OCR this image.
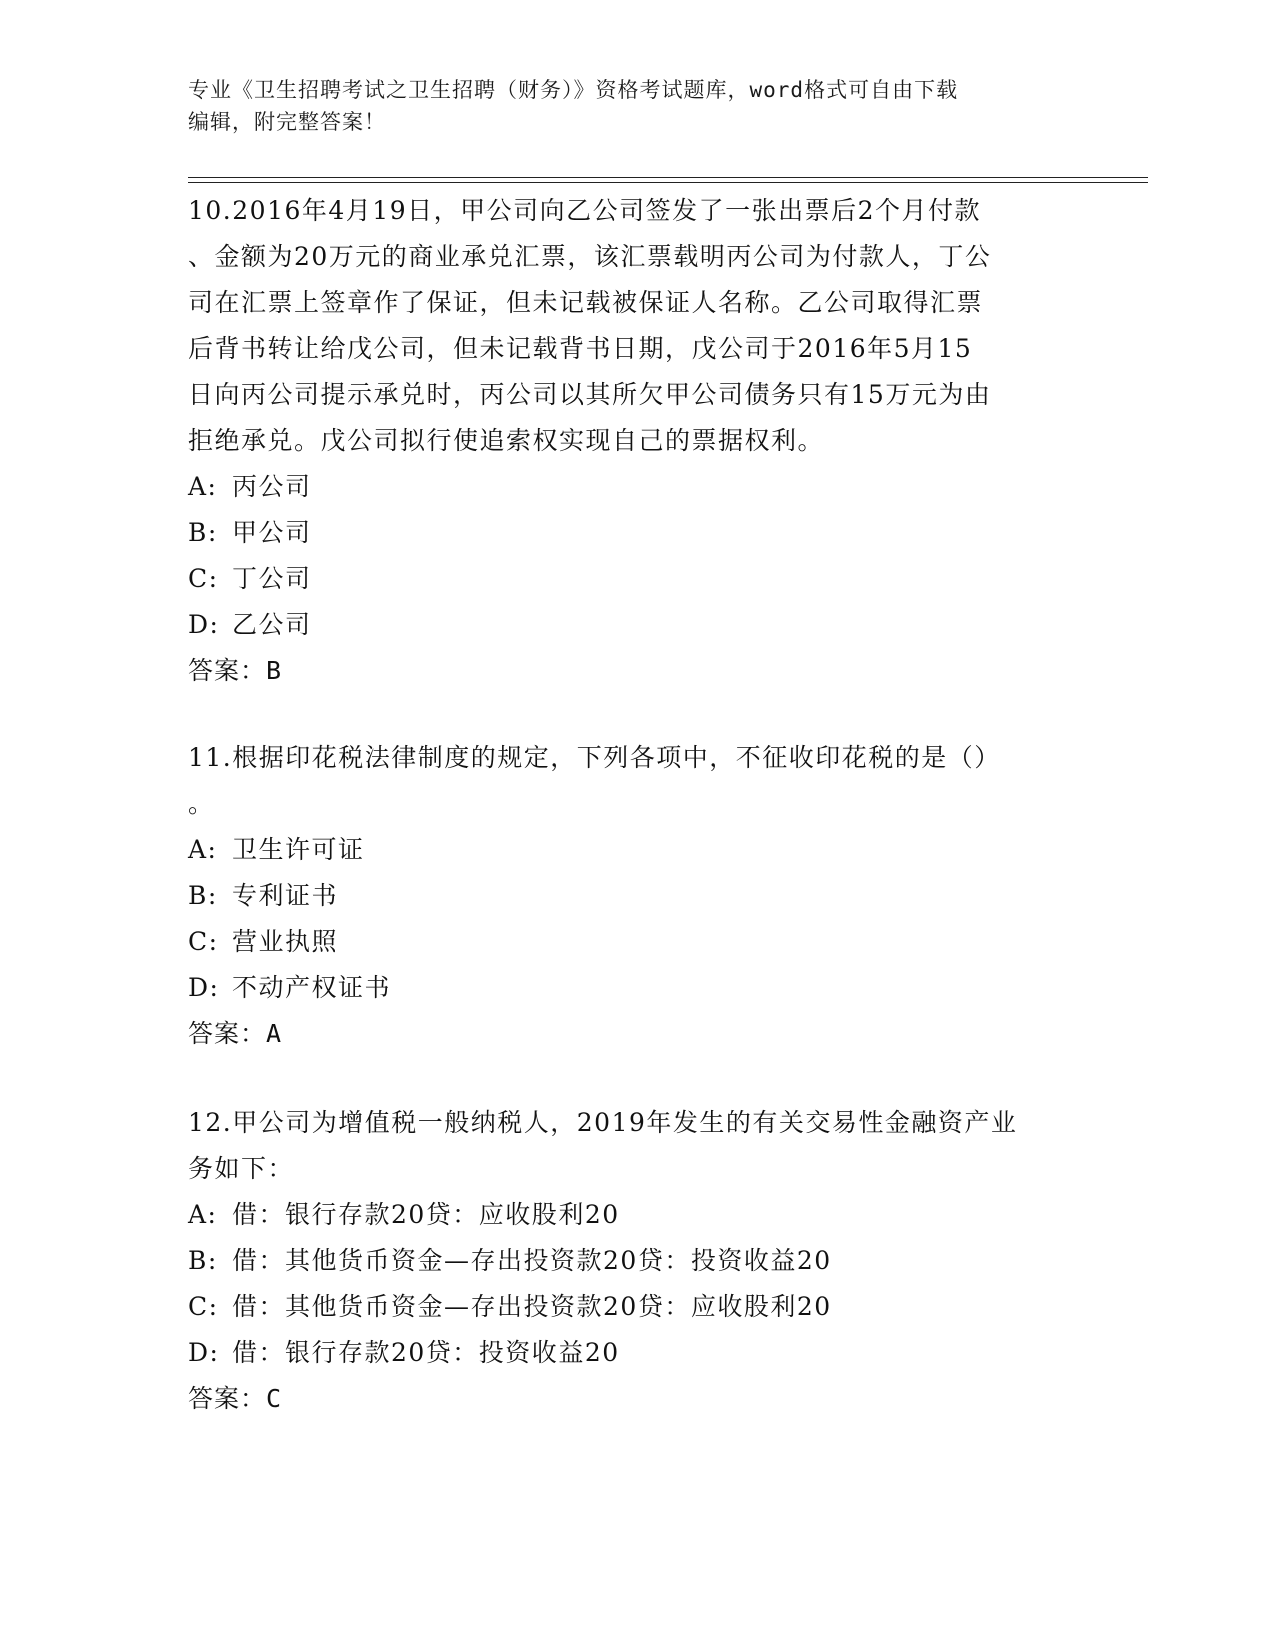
专业《卫生招聘考试之卫生招聘（财务）》资格考试题库，word格式可自由下载
编辑，附完整答案！
10.2016年4月19日，甲公司向乙公司签发了一张出票后2个月付款
、金额为20万元的商业承兑汇票，该汇票载明丙公司为付款人，丁公
司在汇票上签章作了保证，但未记载被保证人名称。乙公司取得汇票
后背书转让给戊公司，但未记载背书日期，戊公司于2016年5月15
日向丙公司提示承兑时，丙公司以其所欠甲公司债务只有15万元为由
拒绝承兑。戊公司拟行使追索权实现自己的票据权利。
A: 丙公司
B: 甲公司
C: 丁公司
D: 乙公司
答案：B
11.根据印花税法律制度的规定，下列各项中，不征收印花税的是（）
。
A: 卫生许可证
B: 专利证书
C: 营业执照
D: 不动产权证书
答案：A
12.甲公司为增值税一般纳税人，2019年发生的有关交易性金融资产业
务如下：
A: 借：银行存款20贷：应收股利20
B: 借：其他货币资金—存出投资款20贷：投资收益20
C: 借：其他货币资金—存出投资款20贷：应收股利20
D: 借：银行存款20贷：投资收益20
答案：C
